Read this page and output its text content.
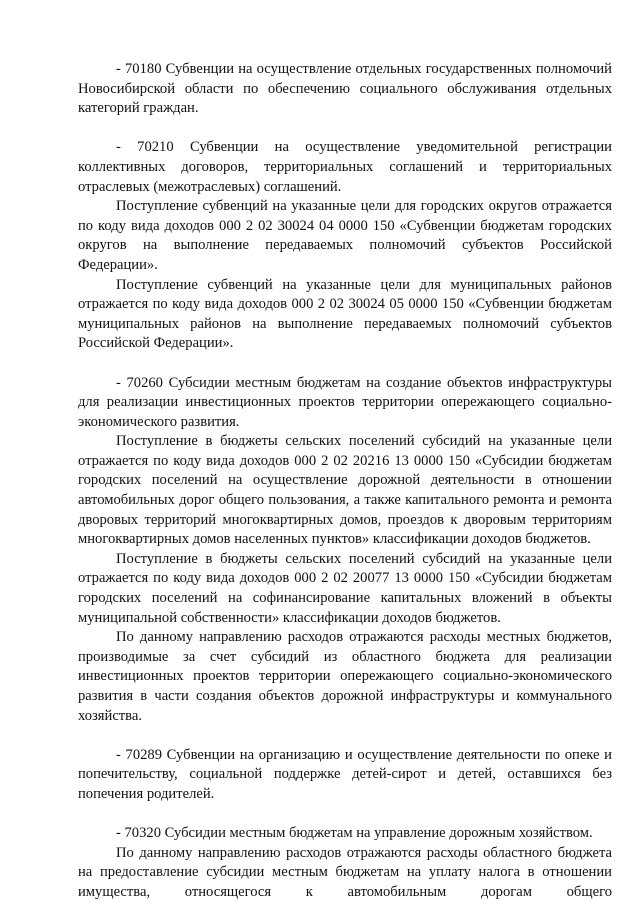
- 70180 Субвенции на осуществление отдельных государственных полномочий Новосибирской области по обеспечению социального обслуживания отдельных категорий граждан.

- 70210 Субвенции на осуществление уведомительной регистрации коллективных договоров, территориальных соглашений и территориальных отраслевых (межотраслевых) соглашений.

Поступление субвенций на указанные цели для городских округов отражается по коду вида доходов 000 2 02 30024 04 0000 150 «Субвенции бюджетам городских округов на выполнение передаваемых полномочий субъектов Российской Федерации».

Поступление субвенций на указанные цели для муниципальных районов отражается по коду вида доходов 000 2 02 30024 05 0000 150 «Субвенции бюджетам муниципальных районов на выполнение передаваемых полномочий субъектов Российской Федерации».

- 70260 Субсидии местным бюджетам на создание объектов инфраструктуры для реализации инвестиционных проектов территории опережающего социально-экономического развития.

Поступление в бюджеты сельских поселений субсидий на указанные цели отражается по коду вида доходов 000 2 02 20216 13 0000 150 «Субсидии бюджетам городских поселений на осуществление дорожной деятельности в отношении автомобильных дорог общего пользования, а также капитального ремонта и ремонта дворовых территорий многоквартирных домов, проездов к дворовым территориям многоквартирных домов населенных пунктов» классификации доходов бюджетов.

Поступление в бюджеты сельских поселений субсидий на указанные цели отражается по коду вида доходов 000 2 02 20077 13 0000 150 «Субсидии бюджетам городских поселений на софинансирование капитальных вложений в объекты муниципальной собственности» классификации доходов бюджетов.

По данному направлению расходов отражаются расходы местных бюджетов, производимые за счет субсидий из областного бюджета для реализации инвестиционных проектов территории опережающего социально-экономического развития в части создания объектов дорожной инфраструктуры и коммунального хозяйства.

- 70289 Субвенции на организацию и осуществление деятельности по опеке и попечительству, социальной поддержке детей-сирот и детей, оставшихся без попечения родителей.

- 70320 Субсидии местным бюджетам на управление дорожным хозяйством.

По данному направлению расходов отражаются расходы областного бюджета на предоставление субсидии местным бюджетам на уплату налога в отношении имущества, относящегося к автомобильным дорогам общего
